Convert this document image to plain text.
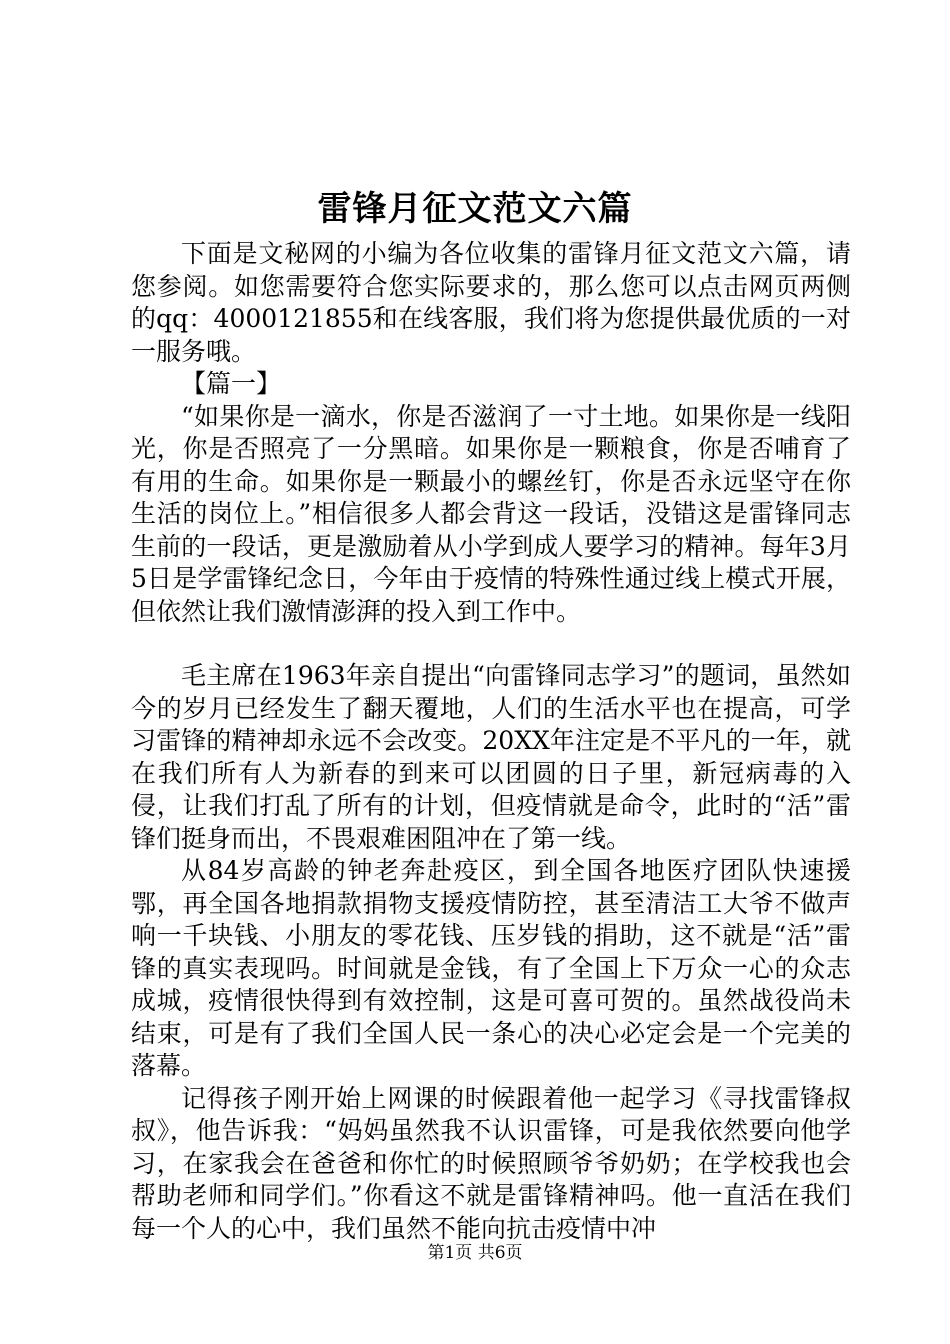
雷锋月征文范文六篇

下面是文秘网的小编为各位收集的雷锋月征文范文六篇，请您参阅。如您需要符合您实际要求的，那么您可以点击网页两侧的qq：4000121855和在线客服，我们将为您提供最优质的一对一服务哦。

【篇一】

“如果你是一滴水，你是否滋润了一寸土地。如果你是一线阳光，你是否照亮了一分黑暗。如果你是一颗粮食，你是否哺育了有用的生命。如果你是一颗最小的螺丝钉，你是否永远坚守在你生活的岗位上。”相信很多人都会背这一段话，没错这是雷锋同志生前的一段话，更是激励着从小学到成人要学习的精神。每年3月5日是学雷锋纪念日，今年由于疫情的特殊性通过线上模式开展，但依然让我们激情澎湃的投入到工作中。

毛主席在1963年亲自提出“向雷锋同志学习”的题词，虽然如今的岁月已经发生了翻天覆地，人们的生活水平也在提高，可学习雷锋的精神却永远不会改变。20XX年注定是不平凡的一年，就在我们所有人为新春的到来可以团圆的日子里，新冠病毒的入侵，让我们打乱了所有的计划，但疫情就是命令，此时的“活”雷锋们挺身而出，不畏艰难困阻冲在了第一线。

从84岁高龄的钟老奔赴疫区，到全国各地医疗团队快速援鄂，再全国各地捐款捐物支援疫情防控，甚至清洁工大爷不做声响一千块钱、小朋友的零花钱、压岁钱的捐助，这不就是“活”雷锋的真实表现吗。时间就是金钱，有了全国上下万众一心的众志成城，疫情很快得到有效控制，这是可喜可贺的。虽然战役尚未结束，可是有了我们全国人民一条心的决心必定会是一个完美的落幕。

记得孩子刚开始上网课的时候跟着他一起学习《寻找雷锋叔叔》，他告诉我：“妈妈虽然我不认识雷锋，可是我依然要向他学习，在家我会在爸爸和你忙的时候照顾爷爷奶奶；在学校我也会帮助老师和同学们。”你看这不就是雷锋精神吗。他一直活在我们每一个人的心中，我们虽然不能向抗击疫情中冲

第1页 共6页
